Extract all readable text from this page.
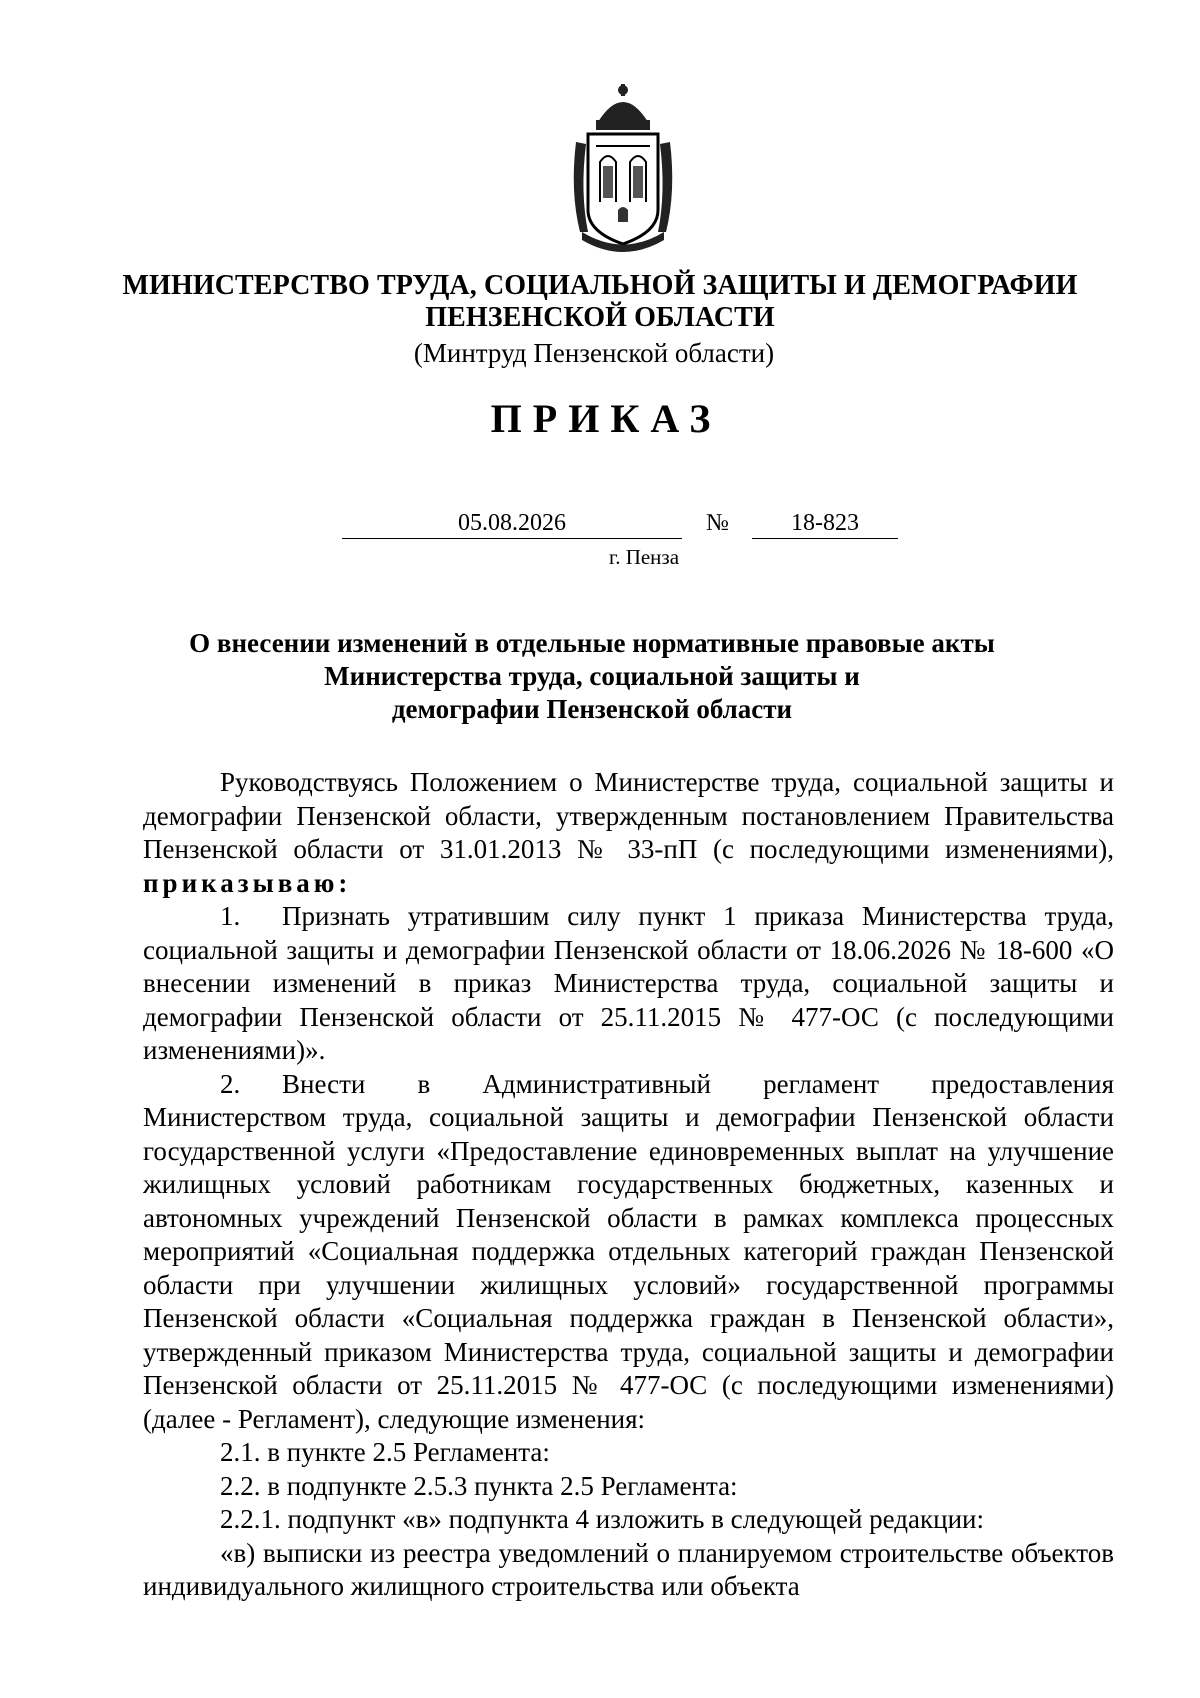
МИНИСТЕРСТВО ТРУДА, СОЦИАЛЬНОЙ ЗАЩИТЫ И ДЕМОГРАФИИ
ПЕНЗЕНСКОЙ ОБЛАСТИ
(Минтруд Пензенской области)
ПРИКАЗ
05.08.2026	№	18-823
г. Пенза
О внесении изменений в отдельные нормативные правовые акты
Министерства труда, социальной защиты и
демографии Пензенской области

Руководствуясь Положением о Министерстве труда, социальной защиты и демографии Пензенской области, утвержденным постановлением Правительства Пензенской области от 31.01.2013 № 33-пП (с последующими изменениями), приказываю:

1. Признать утратившим силу пункт 1 приказа Министерства труда, социальной защиты и демографии Пензенской области от 18.06.2026 № 18-600 «О внесении изменений в приказ Министерства труда, социальной защиты и демографии Пензенской области от 25.11.2015 № 477-ОС (с последующими изменениями)».

2. Внести в Административный регламент предоставления Министерством труда, социальной защиты и демографии Пензенской области государственной услуги «Предоставление единовременных выплат на улучшение жилищных условий работникам государственных бюджетных, казенных и автономных учреждений Пензенской области в рамках комплекса процессных мероприятий «Социальная поддержка отдельных категорий граждан Пензенской области при улучшении жилищных условий» государственной программы Пензенской области «Социальная поддержка граждан в Пензенской области», утвержденный приказом Министерства труда, социальной защиты и демографии Пензенской области от 25.11.2015 № 477-ОС (с последующими изменениями) (далее - Регламент), следующие изменения:

2.1. в пункте 2.5 Регламента:

2.2. в подпункте 2.5.3 пункта 2.5 Регламента:

2.2.1. подпункт «в» подпункта 4 изложить в следующей редакции:

«в) выписки из реестра уведомлений о планируемом строительстве объектов индивидуального жилищного строительства или объекта
